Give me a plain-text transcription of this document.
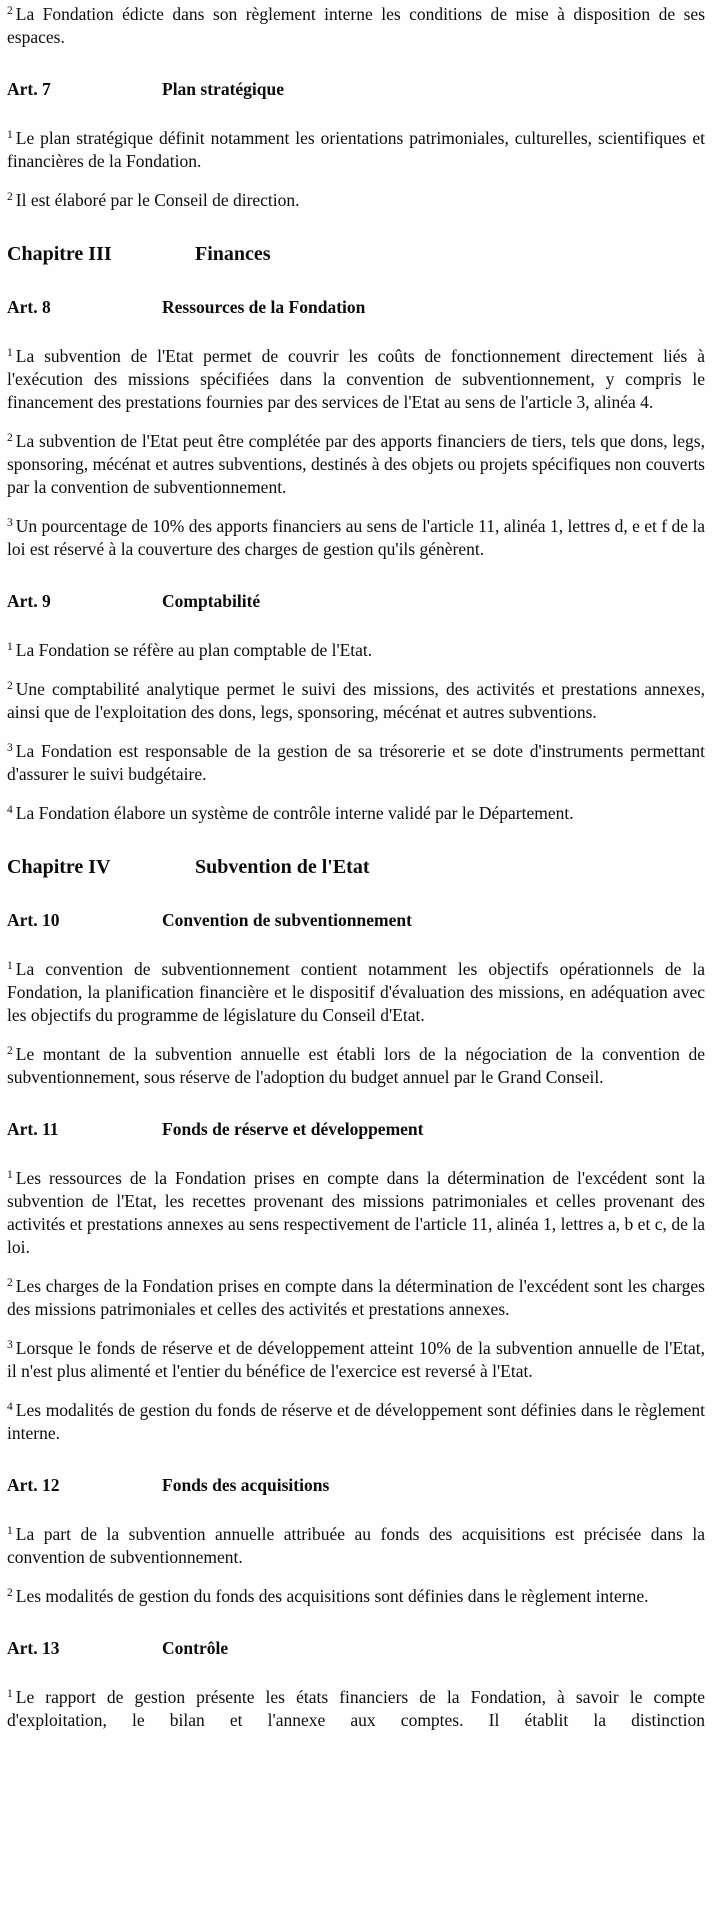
$^2$ La Fondation édicte dans son règlement interne les conditions de mise à disposition de ses espaces.

Art. 7	Plan stratégique

$^1$ Le plan stratégique définit notamment les orientations patrimoniales, culturelles, scientifiques et financières de la Fondation.

$^2$ Il est élaboré par le Conseil de direction.

Chapitre III	Finances
Art. 8	Ressources de la Fondation

$^1$ La subvention de l'Etat permet de couvrir les coûts de fonctionnement directement liés à l'exécution des missions spécifiées dans la convention de subventionnement, y compris le financement des prestations fournies par des services de l'Etat au sens de l'article 3, alinéa 4.

$^2$ La subvention de l'Etat peut être complétée par des apports financiers de tiers, tels que dons, legs, sponsoring, mécénat et autres subventions, destinés à des objets ou projets spécifiques non couverts par la convention de subventionnement.

$^3$ Un pourcentage de 10% des apports financiers au sens de l'article 11, alinéa 1, lettres d, e et f de la loi est réservé à la couverture des charges de gestion qu'ils génèrent.

Art. 9	Comptabilité

$^1$ La Fondation se réfère au plan comptable de l'Etat.

$^2$ Une comptabilité analytique permet le suivi des missions, des activités et prestations annexes, ainsi que de l'exploitation des dons, legs, sponsoring, mécénat et autres subventions.

$^3$ La Fondation est responsable de la gestion de sa trésorerie et se dote d'instruments permettant d'assurer le suivi budgétaire.

$^4$ La Fondation élabore un système de contrôle interne validé par le Département.

Chapitre IV	Subvention de l'Etat
Art. 10	Convention de subventionnement

$^1$ La convention de subventionnement contient notamment les objectifs opérationnels de la Fondation, la planification financière et le dispositif d'évaluation des missions, en adéquation avec les objectifs du programme de législature du Conseil d'Etat.

$^2$ Le montant de la subvention annuelle est établi lors de la négociation de la convention de subventionnement, sous réserve de l'adoption du budget annuel par le Grand Conseil.

Art. 11	Fonds de réserve et développement

$^1$ Les ressources de la Fondation prises en compte dans la détermination de l'excédent sont la subvention de l'Etat, les recettes provenant des missions patrimoniales et celles provenant des activités et prestations annexes au sens respectivement de l'article 11, alinéa 1, lettres a, b et c, de la loi.

$^2$ Les charges de la Fondation prises en compte dans la détermination de l'excédent sont les charges des missions patrimoniales et celles des activités et prestations annexes.

$^3$ Lorsque le fonds de réserve et de développement atteint 10% de la subvention annuelle de l'Etat, il n'est plus alimenté et l'entier du bénéfice de l'exercice est reversé à l'Etat.

$^4$ Les modalités de gestion du fonds de réserve et de développement sont définies dans le règlement interne.

Art. 12	Fonds des acquisitions

$^1$ La part de la subvention annuelle attribuée au fonds des acquisitions est précisée dans la convention de subventionnement.

$^2$ Les modalités de gestion du fonds des acquisitions sont définies dans le règlement interne.

Art. 13	Contrôle

$^1$ Le rapport de gestion présente les états financiers de la Fondation, à savoir le compte d'exploitation, le bilan et l'annexe aux comptes. Il établit la distinction
